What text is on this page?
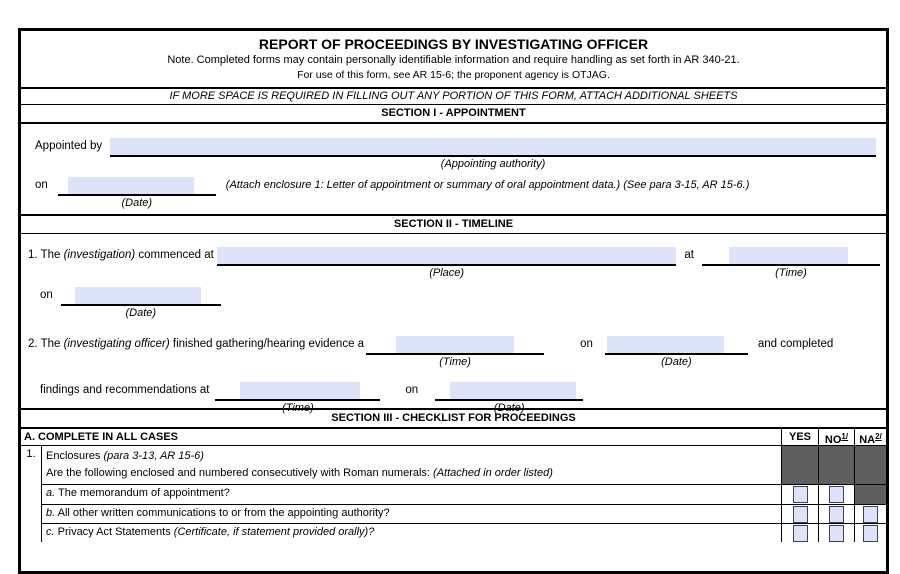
REPORT OF PROCEEDINGS BY INVESTIGATING OFFICER
Note. Completed forms may contain personally identifiable information and require handling as set forth in AR 340-21.
For use of this form, see AR 15-6; the proponent agency is OTJAG.
IF MORE SPACE IS REQUIRED IN FILLING OUT ANY PORTION OF THIS FORM, ATTACH ADDITIONAL SHEETS
SECTION I - APPOINTMENT
Appointed by
(Appointing authority)
on
(Date)
(Attach enclosure 1: Letter of appointment or summary of oral appointment data.) (See para 3-15, AR 15-6.)
SECTION II - TIMELINE
1. The (investigation) commenced at
(Place)
at
(Time)
on
(Date)
2. The (investigating officer) finished gathering/hearing evidence a
(Time)
on
(Date)
and completed
findings and recommendations at
(Time)
on
(Date)
SECTION III - CHECKLIST FOR PROCEEDINGS
A. COMPLETE IN ALL CASES	YES	NO$^{1/}$	NA$^{2/}$
1. Enclosures (para 3-13, AR 15-6)
Are the following enclosed and numbered consecutively with Roman numerals: (Attached in order listed)
a. The memorandum of appointment?
b. All other written communications to or from the appointing authority?
c. Privacy Act Statements (Certificate, if statement provided orally)?
